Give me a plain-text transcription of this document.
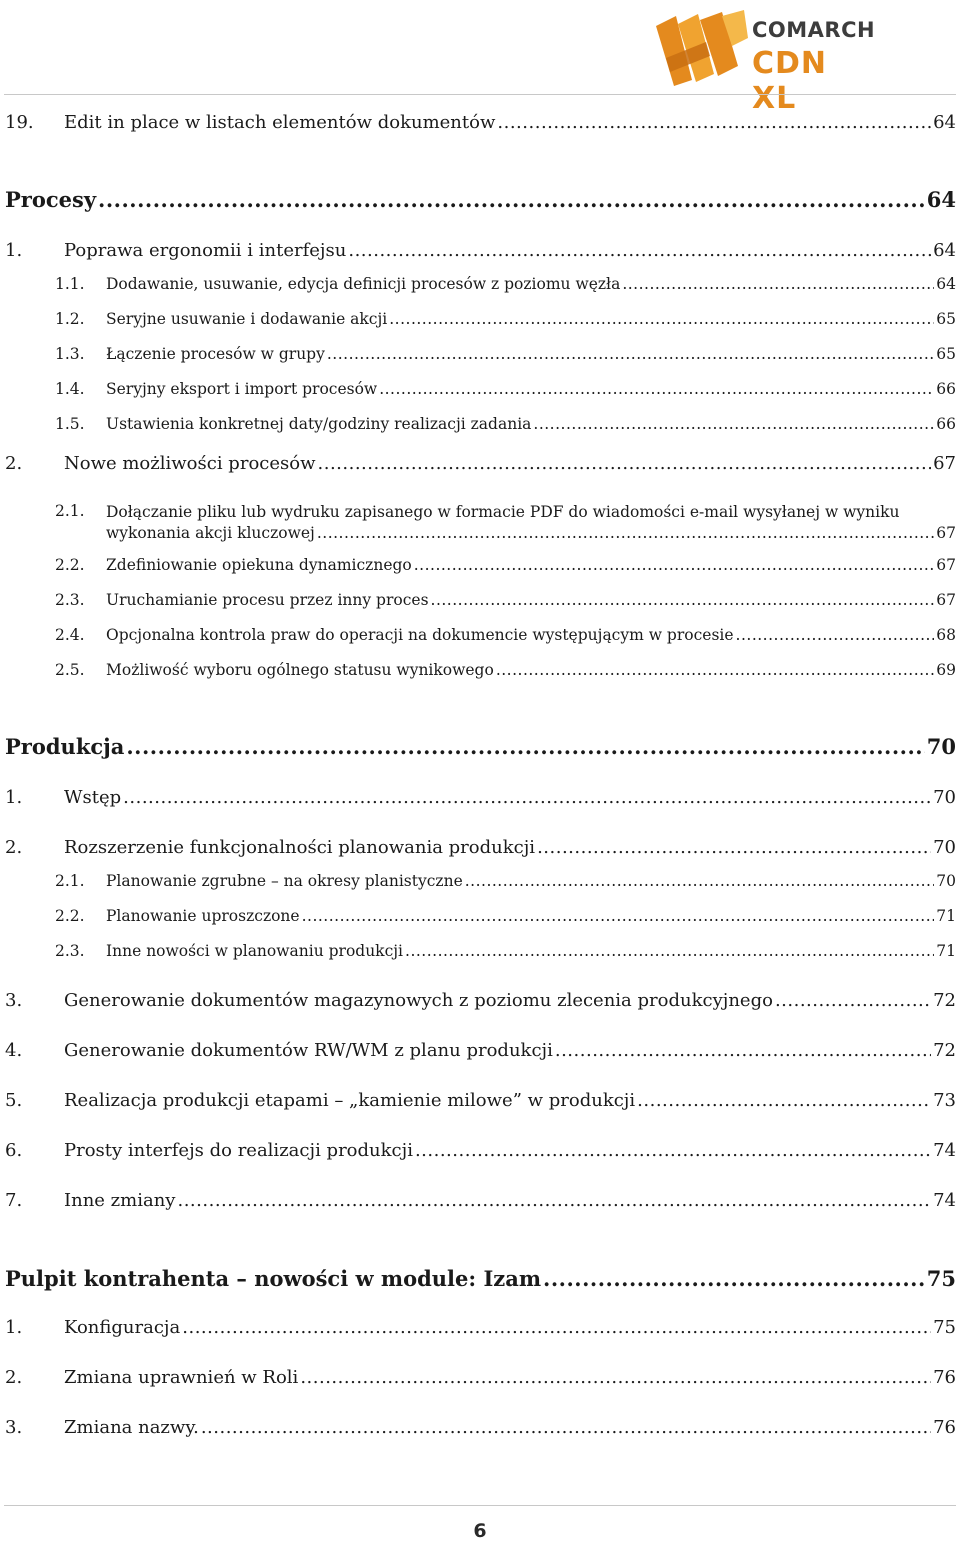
COMARCH
CDN XL
19.	Edit in place w listach elementów dokumentów .....	64
Procesy .....	64
1.	Poprawa ergonomii i interfejsu .....	64
1.1.	Dodawanie, usuwanie, edycja definicji procesów z poziomu węzła .....	64
1.2.	Seryjne usuwanie i dodawanie akcji .....	65
1.3.	Łączenie procesów w grupy .....	65
1.4.	Seryjny eksport i import procesów .....	66
1.5.	Ustawienia konkretnej daty/godziny realizacji zadania .....	66
2.	Nowe możliwości procesów .....	67
2.1. Dołączanie pliku lub wydruku zapisanego w formacie PDF do wiadomości e-mail wysyłanej w wyniku
wykonania akcji kluczowej .....	67
2.2.	Zdefiniowanie opiekuna dynamicznego .....	67
2.3.	Uruchamianie procesu przez inny proces .....	67
2.4.	Opcjonalna kontrola praw do operacji na dokumencie występującym w procesie .....	68
2.5.	Możliwość wyboru ogólnego statusu wynikowego .....	69
Produkcja .....	70
1.	Wstęp .....	70
2.	Rozszerzenie funkcjonalności planowania produkcji .....	70
2.1.	Planowanie zgrubne – na okresy planistyczne .....	70
2.2.	Planowanie uproszczone .....	71
2.3.	Inne nowości w planowaniu produkcji .....	71
3.	Generowanie dokumentów magazynowych z poziomu zlecenia produkcyjnego .....	72
4.	Generowanie dokumentów RW/WM z planu produkcji .....	72
5.	Realizacja produkcji etapami – „kamienie milowe” w produkcji .....	73
6.	Prosty interfejs do realizacji produkcji .....	74
7.	Inne zmiany .....	74
Pulpit kontrahenta – nowości w module: Izam .....	75
1.	Konfiguracja .....	75
2.	Zmiana uprawnień w Roli .....	76
3.	Zmiana nazwy. .....	76
6
